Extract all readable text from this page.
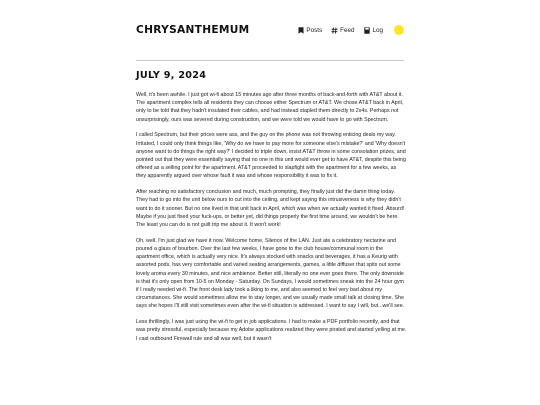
CHRYSANTHEMUM	Posts	Feed	Log
JULY 9, 2024

Well, it's been awhile. I just got wi-fi about 15 minutes ago after three months of back-and-forth with AT&T about it. The apartment complex tells all residents they can choose either Spectrum or AT&T. We chose AT&T back in April, only to be told that they hadn't insulated their cables, and had instead stapled them directly to 2x4s. Perhaps not unsurprisingly, ours was severed during construction, and we were told we would have to go with Spectrum.

I called Spectrum, but their prices were ass, and the guy on the phone was not throwing enticing deals my way. Irritated, I could only think things like, 'Why do we have to pay more for someone else's mistake?' and 'Why doesn't anyone want to do things the right way?' I decided to triple down, insist AT&T throw in some consolation prizes, and pointed out that they were essentially saying that no one in this unit would ever get to have AT&T, despite this being offered as a selling point for the apartment. AT&T proceeded to slapfight with the apartment for a few weeks, as they apparently argued over whose fault it was and whose responsibility it was to fix it.

After reaching no satisfactory conclusion and much, much prompting, they finally just did the damn thing today. They had to go into the unit below ours to cut into the ceiling, and kept saying this intrusiveness is why they didn't want to do it sooner. But no one lived in that unit back in April, which was when we actually wanted it fixed. Absurd! Maybe if you just fixed your fuck-ups, or better yet, did things properly the first time around, we wouldn't be here. The least you can do is not guilt trip me about it. It won't work!

Oh, well. I'm just glad we have it now. Welcome home, Silence of the LAN. Just ate a celebratory nectarine and poured a glass of bourbon. Over the last few weeks, I have gone to the club house/communal room in the apartment office, which is actually very nice. It's always stocked with snacks and beverages, it has a Keurig with assorted pods, has very comfortable and varied seating arrangements, games, a little diffuser that spits out some lovely aroma every 30 minutes, and nice ambience. Better still, literally no one ever goes there. The only downside is that it's only open from 10-5 on Monday - Saturday. On Sundays, I would sometimes sneak into the 24 hour gym if I really needed wi-fi. The front desk lady took a liking to me, and also seemed to feel very bad about my circumstances. She would sometimes allow me to stay longer, and we usually made small talk at closing time. She says she hopes I'll still visit sometimes even after the wi-fi situation is addressed. I want to say I will, but...we'll see.

Less thrillingly, I was just using the wi-fi to get in job applications. I had to make a PDF portfolio recently, and that was pretty stressful, especially because my Adobe applications realized they were pirated and started yelling at me. I cast outbound Firewall rule and all was well, but it wasn't
